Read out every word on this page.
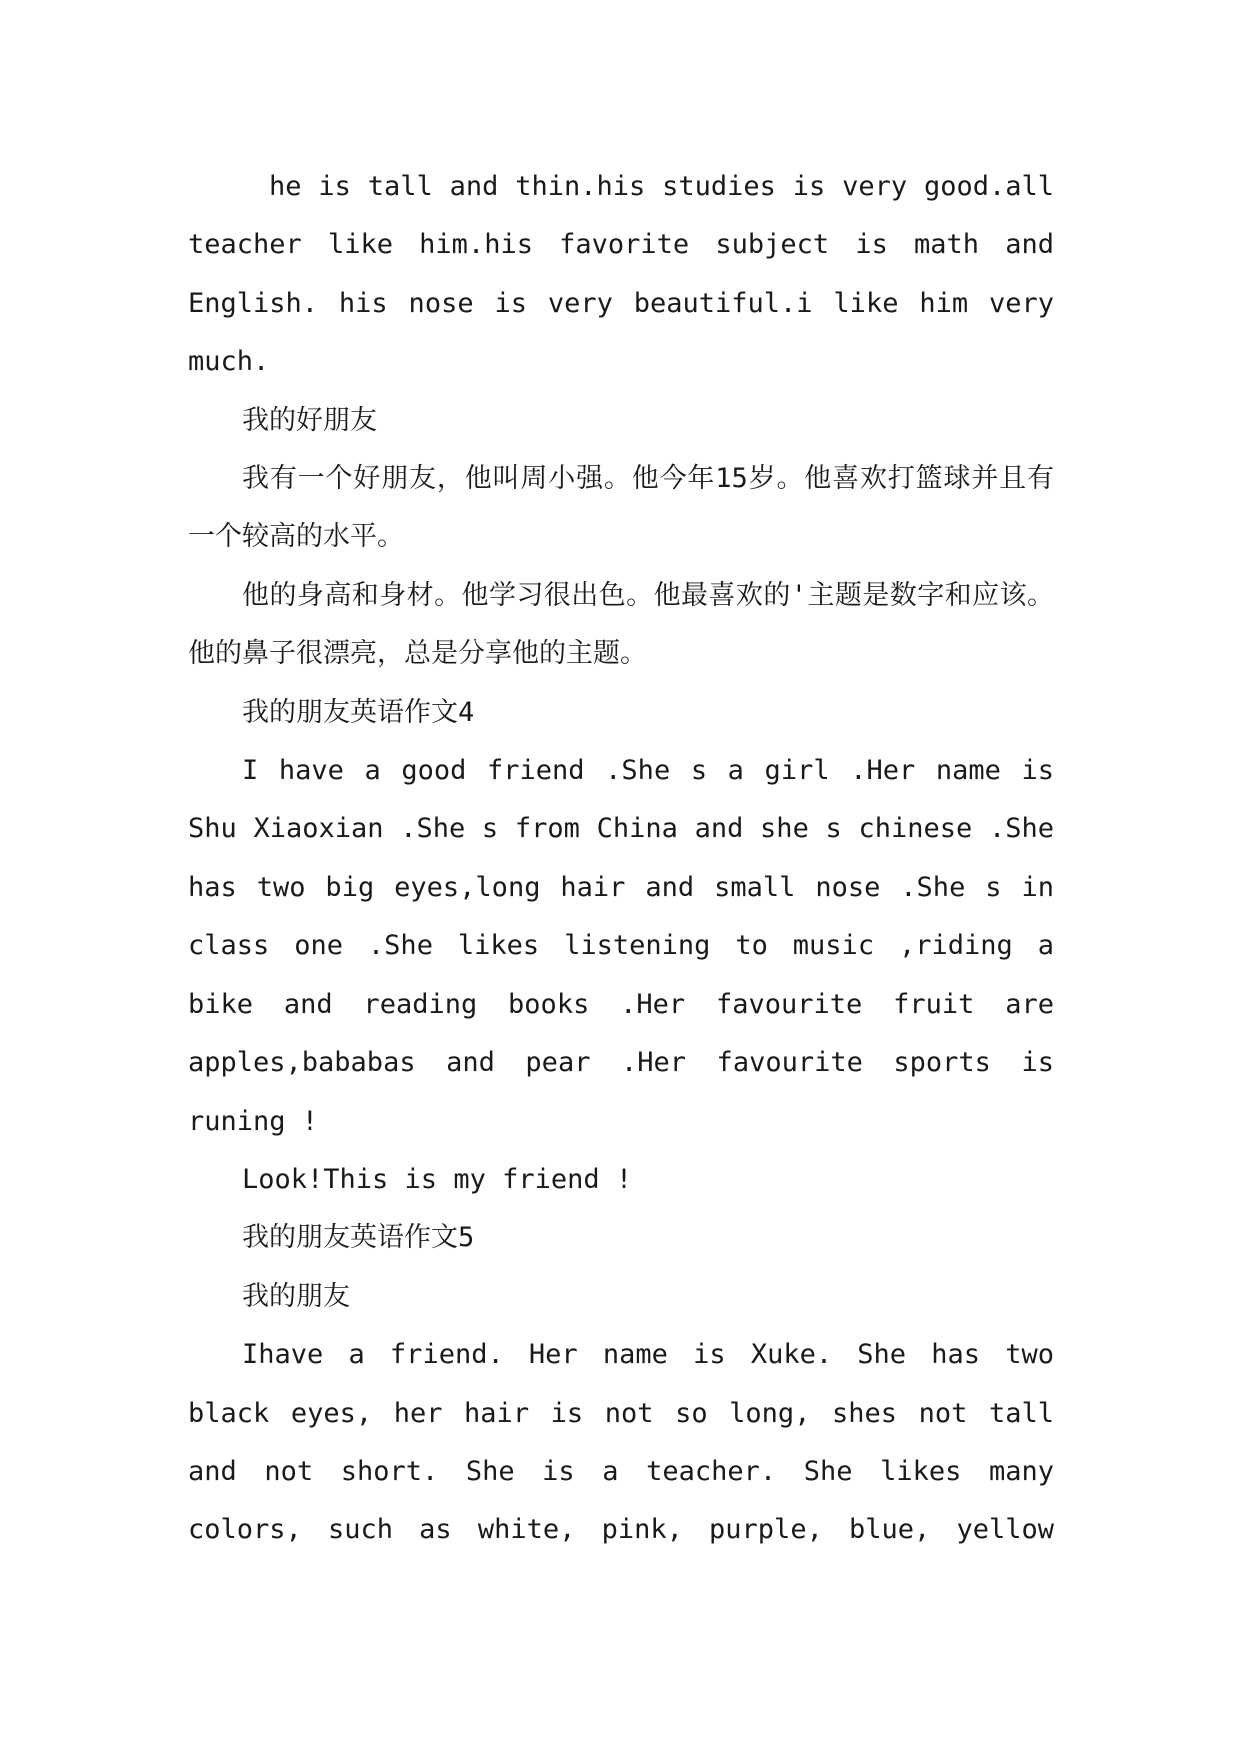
he is tall and thin.his studies is very good.all teacher like him.his favorite subject is math and English. his nose is very beautiful.i like him very much.

我的好朋友

我有一个好朋友，他叫周小强。他今年15岁。他喜欢打篮球并且有一个较高的水平。

他的身高和身材。他学习很出色。他最喜欢的'主题是数字和应该。他的鼻子很漂亮，总是分享他的主题。

我的朋友英语作文4

I have a good friend .She s a girl .Her name is Shu Xiaoxian .She s from China and she s chinese .She has two big eyes,long hair and small nose .She s in class one .She likes listening to music ,riding a bike and reading books .Her favourite fruit are apples,bababas and pear .Her favourite sports is runing !

Look!This is my friend !

我的朋友英语作文5

我的朋友

Ihave a friend. Her name is Xuke. She has two black eyes, her hair is not so long, shes not tall and not short. She is a teacher. She likes many colors, such as white, pink, purple, blue, yellow
